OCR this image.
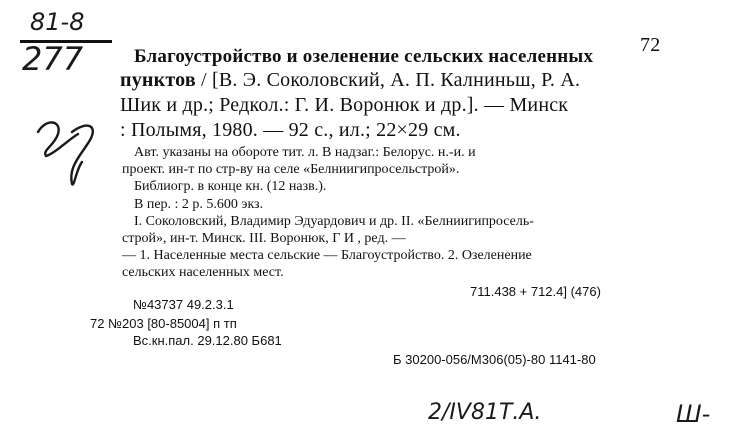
81-8
277	72
Благоустройство и озеленение сельских населенных
пунктов / [В. Э. Соколовский, А. П. Калниньш, Р. А.
Шик и др.; Редкол.: Г. И. Воронюк и др.]. — Минск
: Полымя, 1980. — 92 с., ил.; 22×29 см.
Авт. указаны на обороте тит. л. В надзаг.: Белорус. н.-и. и
проект. ин-т по стр-ву на селе «Белниигипросельстрой».
Библиогр. в конце кн. (12 назв.).
В пер. : 2 р. 5.600 экз.
I. Соколовский, Владимир Эдуардович и др. II. «Белниигипросель-
строй», ин-т. Минск. III. Воронюк, Г И , ред. —
— 1. Населенные места сельские — Благоустройство. 2. Озеленение
сельских населенных мест.
711.438 + 712.4] (476)
№43737 49.2.3.1
72 №203 [80-85004] п тп
Вс.кн.пал. 29.12.80 Б681
Б 30200-056/М306(05)-80 1141-80
2/IV81Т.А.	Ш-
